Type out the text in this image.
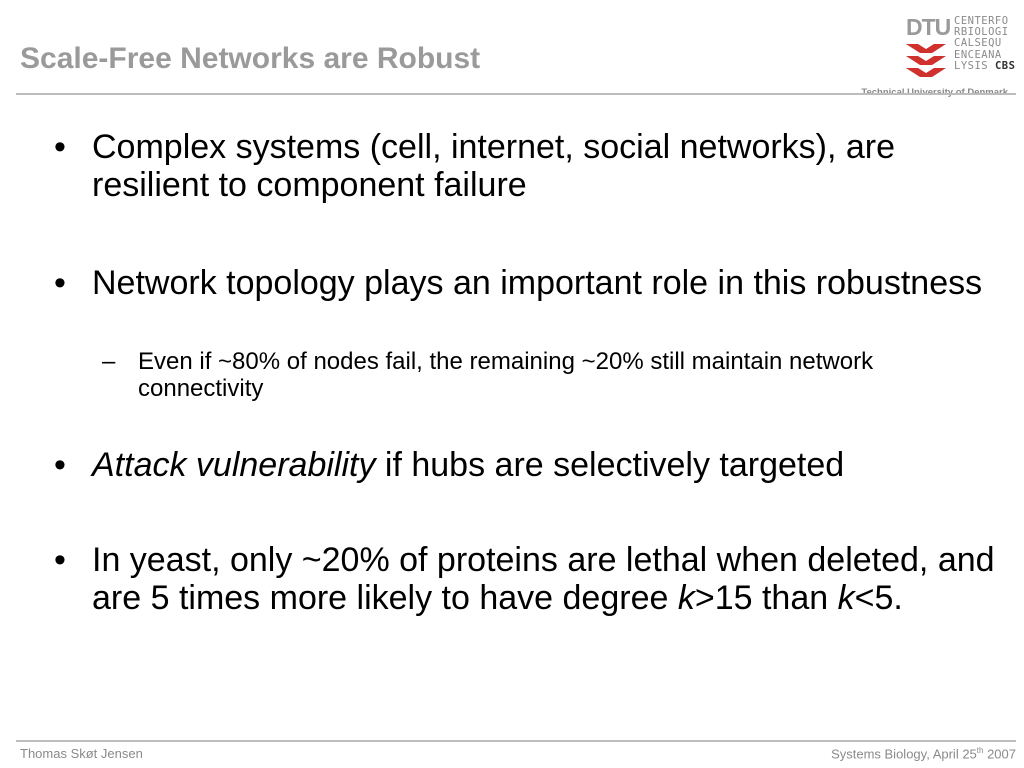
Scale-Free Networks are Robust
DTU CENTERFO
RBIOLOGI
CALSEQU
ENCEANA
LYSIS CBS
• Complex systems (cell, internet, social networks), are resilient to component failure
• Network topology plays an important role in this robustness
– Even if ~80% of nodes fail, the remaining ~20% still maintain network connectivity
• Attack vulnerability if hubs are selectively targeted
• In yeast, only ~20% of proteins are lethal when deleted, and are 5 times more likely to have degree k>15 than k<5.
Thomas Skøt Jensen	Systems Biology, April 25th 2007
